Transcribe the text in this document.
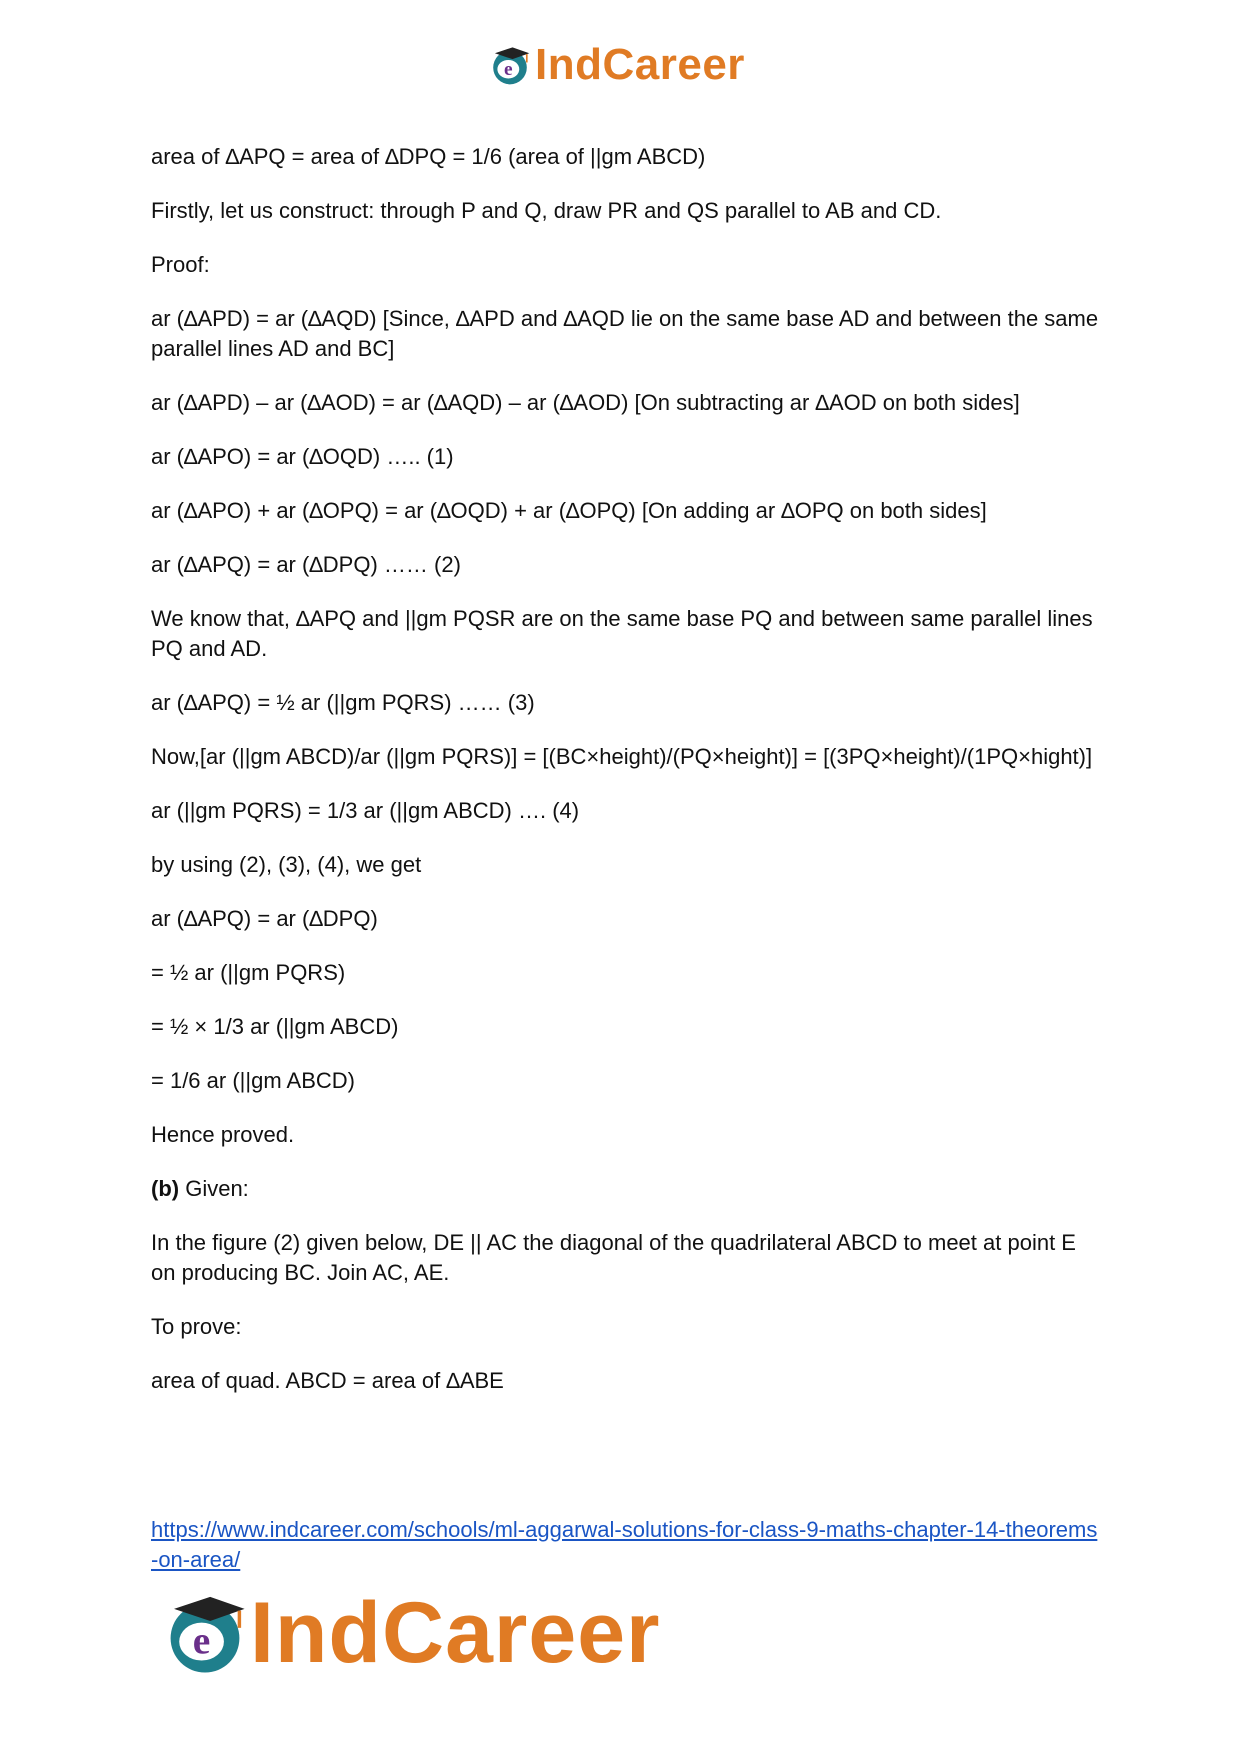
e IndCareer

area of ∆APQ = area of ∆DPQ = 1/6 (area of ||gm ABCD)

Firstly, let us construct: through P and Q, draw PR and QS parallel to AB and CD.

Proof:

ar (∆APD) = ar (∆AQD) [Since, ∆APD and ∆AQD lie on the same base AD and between the same parallel lines AD and BC]

ar (∆APD) – ar (∆AOD) = ar (∆AQD) – ar (∆AOD) [On subtracting ar ∆AOD on both sides]

ar (∆APO) = ar (∆OQD) ….. (1)

ar (∆APO) + ar (∆OPQ) = ar (∆OQD) + ar (∆OPQ) [On adding ar ∆OPQ on both sides]

ar (∆APQ) = ar (∆DPQ) …… (2)

We know that, ∆APQ and ||gm PQSR are on the same base PQ and between same parallel lines PQ and AD.

ar (∆APQ) = ½ ar (||gm PQRS) …… (3)

Now,[ar (||gm ABCD)/ar (||gm PQRS)] = [(BC×height)/(PQ×height)] = [(3PQ×height)/(1PQ×hight)]

ar (||gm PQRS) = 1/3 ar (||gm ABCD) …. (4)

by using (2), (3), (4), we get

ar (∆APQ) = ar (∆DPQ)

= ½ ar (||gm PQRS)

= ½ × 1/3 ar (||gm ABCD)

= 1/6 ar (||gm ABCD)

Hence proved.

(b) Given:

In the figure (2) given below, DE || AC the diagonal of the quadrilateral ABCD to meet at point E on producing BC. Join AC, AE.

To prove:

area of quad. ABCD = area of ∆ABE

https://www.indcareer.com/schools/ml-aggarwal-solutions-for-class-9-maths-chapter-14-theorems-on-area/
e IndCareer
